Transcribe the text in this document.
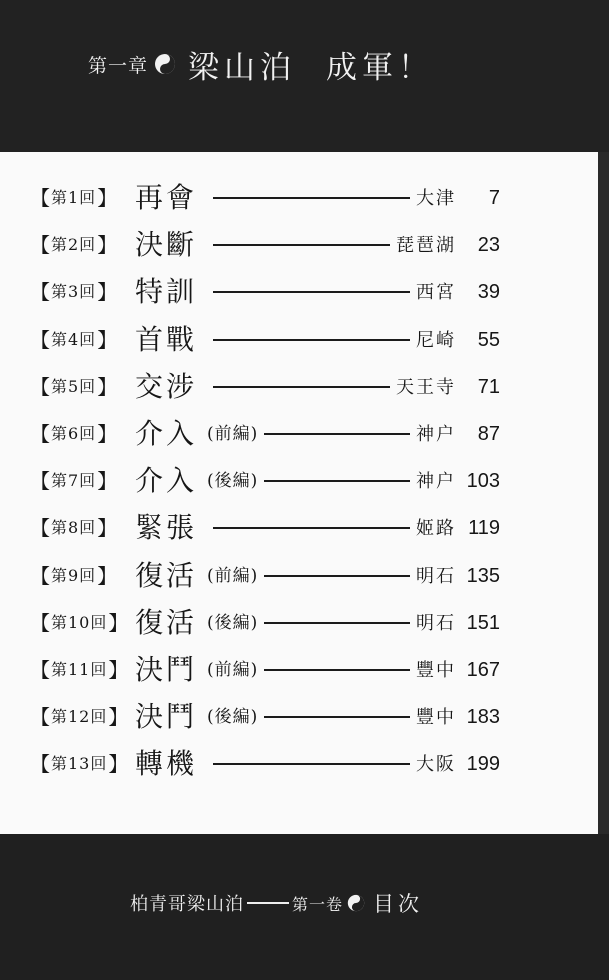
第一章 梁山泊 成軍！
【 第1回 】 再會	大津 7
【 第2回 】 決斷	琵琶湖 23
【 第3回 】 特訓	西宮 39
【 第4回 】 首戰	尼崎 55
【 第5回 】 交涉	天王寺 71
【 第6回 】 介入 (前編)	神户 87
【 第7回 】 介入 (後編)	神户 103
【 第8回 】 緊張	姬路 119
【 第9回 】 復活 (前編)	明石 135
【 第10回 】 復活 (後編)	明石 151
【 第11回 】 決鬥 (前編)	豐中 167
【 第12回 】 決鬥 (後編)	豐中 183
【 第13回 】 轉機	大阪 199
柏青哥梁山泊	第一卷 目次
